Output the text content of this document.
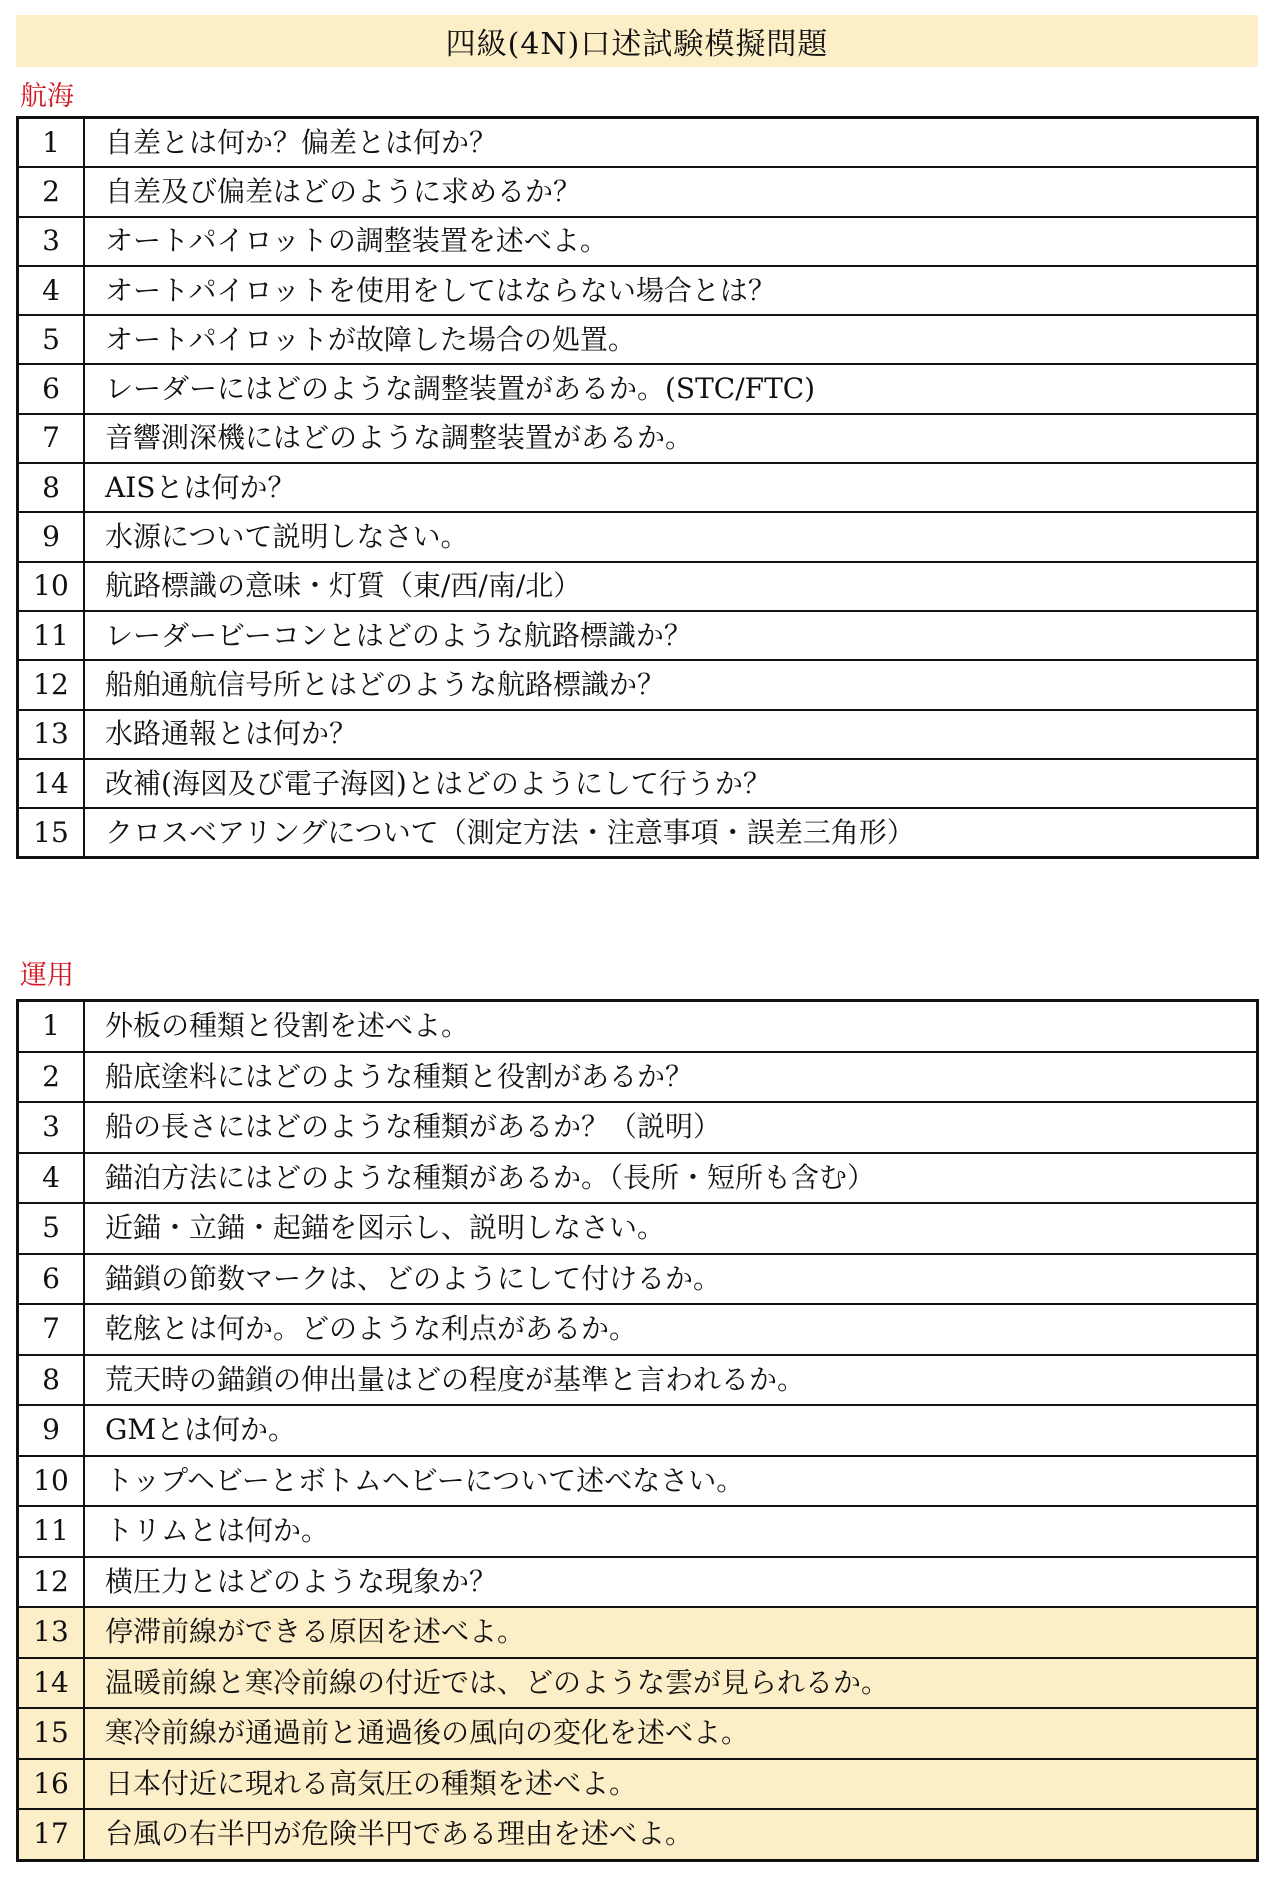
四級(4N)口述試験模擬問題
航海
1	自差とは何か？偏差とは何か？
2	自差及び偏差はどのように求めるか？
3	オートパイロットの調整装置を述べよ。
4	オートパイロットを使用をしてはならない場合とは？
5	オートパイロットが故障した場合の処置。
6	レーダーにはどのような調整装置があるか。(STC/FTC)
7	音響測深機にはどのような調整装置があるか。
8	AISとは何か？
9	水源について説明しなさい。
10	航路標識の意味・灯質（東/西/南/北）
11	レーダービーコンとはどのような航路標識か？
12	船舶通航信号所とはどのような航路標識か？
13	水路通報とは何か？
14	改補(海図及び電子海図)とはどのようにして行うか？
15	クロスベアリングについて（測定方法・注意事項・誤差三角形）
運用
1	外板の種類と役割を述べよ。
2	船底塗料にはどのような種類と役割があるか？
3	船の長さにはどのような種類があるか？（説明）
4	錨泊方法にはどのような種類があるか。（長所・短所も含む）
5	近錨・立錨・起錨を図示し、説明しなさい。
6	錨鎖の節数マークは、どのようにして付けるか。
7	乾舷とは何か。どのような利点があるか。
8	荒天時の錨鎖の伸出量はどの程度が基準と言われるか。
9	GMとは何か。
10	トップヘビーとボトムヘビーについて述べなさい。
11	トリムとは何か。
12	横圧力とはどのような現象か？
13	停滞前線ができる原因を述べよ。
14	温暖前線と寒冷前線の付近では、どのような雲が見られるか。
15	寒冷前線が通過前と通過後の風向の変化を述べよ。
16	日本付近に現れる高気圧の種類を述べよ。
17	台風の右半円が危険半円である理由を述べよ。
